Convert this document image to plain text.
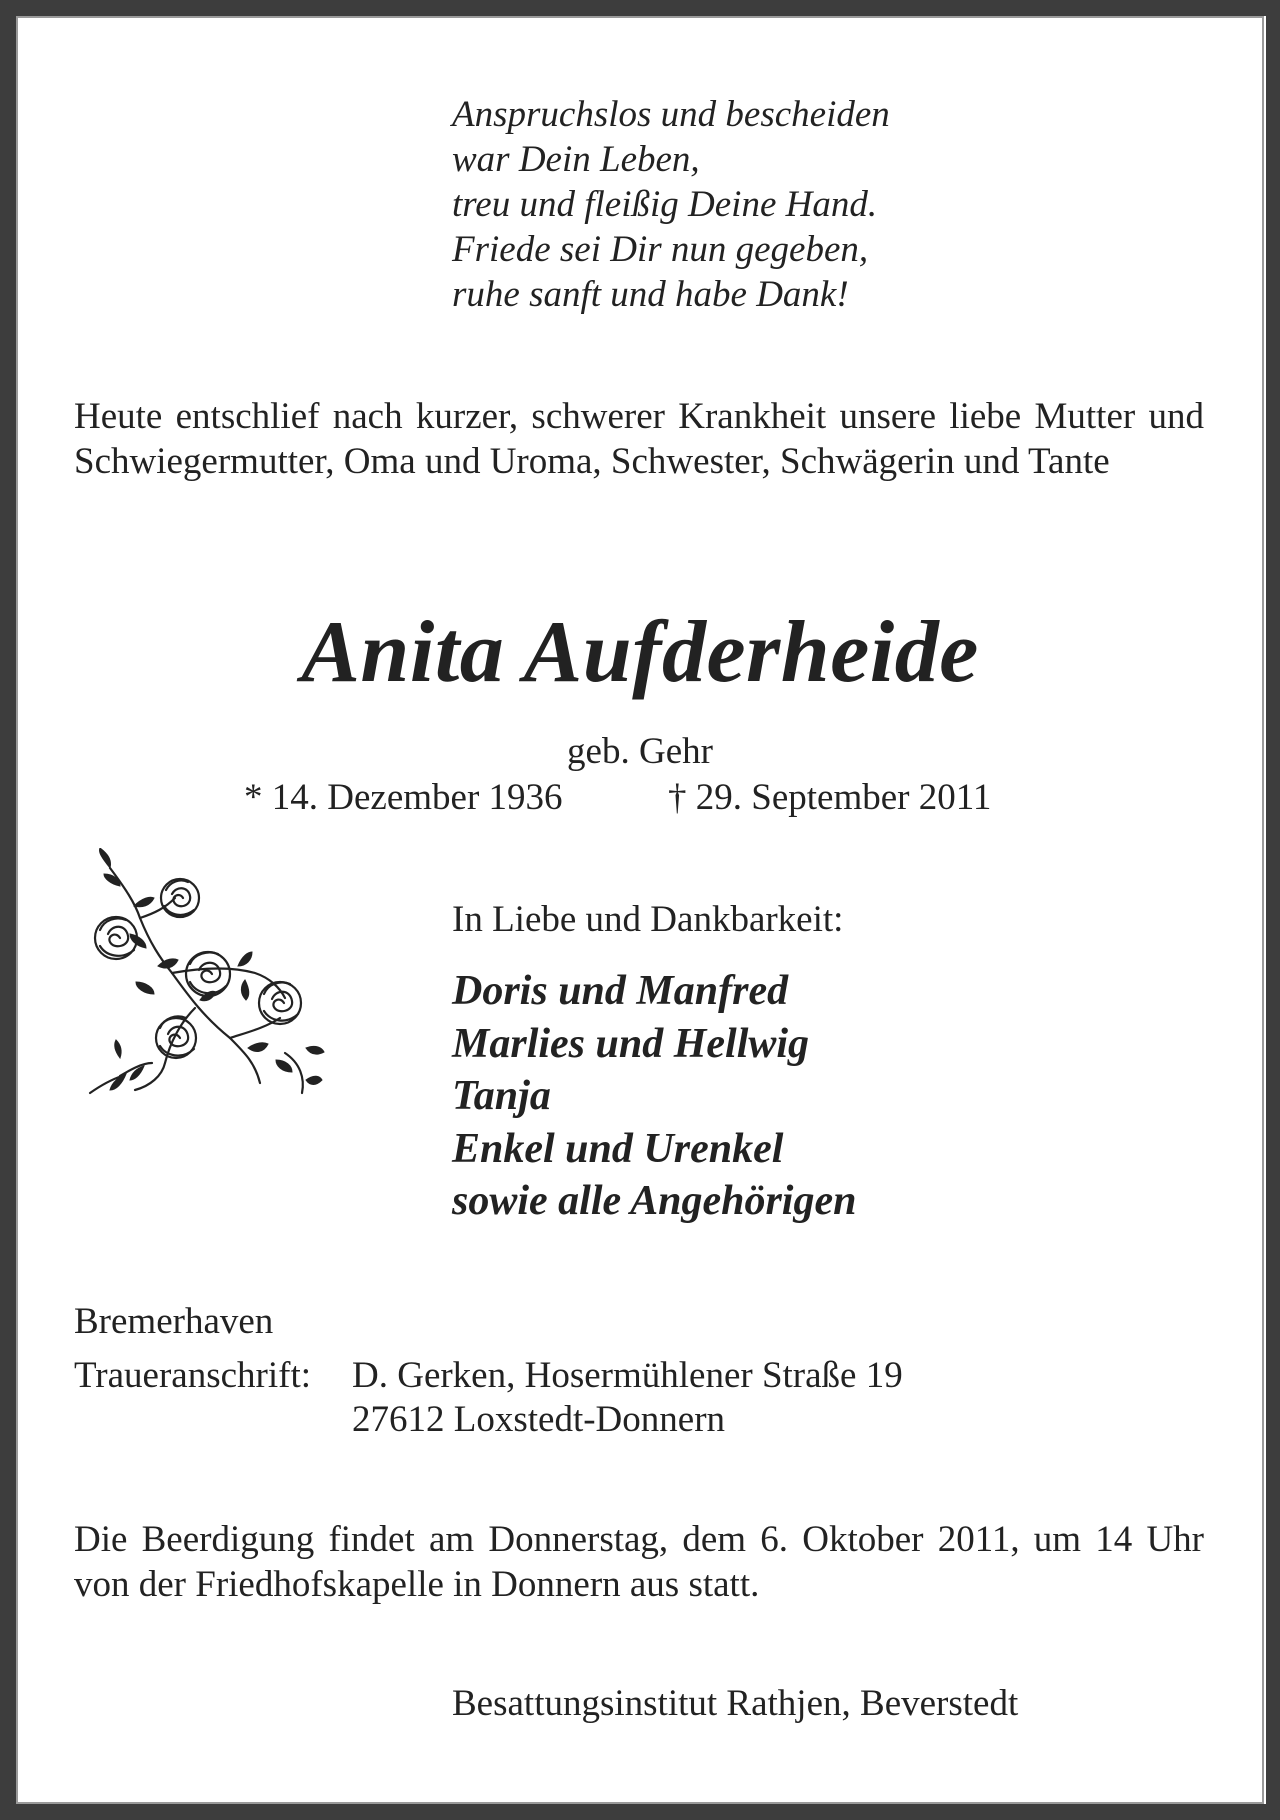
Anspruchslos und bescheiden
war Dein Leben,
treu und fleißig Deine Hand.
Friede sei Dir nun gegeben,
ruhe sanft und habe Dank!
Heute entschlief nach kurzer, schwerer Krankheit unsere liebe Mutter und Schwiegermutter, Oma und Uroma, Schwester, Schwägerin und Tante
Anita Aufderheide
geb. Gehr
* 14. Dezember 1936	† 29. September 2011
In Liebe und Dankbarkeit:
Doris und Manfred
Marlies und Hellwig
Tanja
Enkel und Urenkel
sowie alle Angehörigen
Bremerhaven
Traueranschrift: D. Gerken, Hosermühlener Straße 19
27612 Loxstedt-Donnern
Die Beerdigung findet am Donnerstag, dem 6. Oktober 2011, um 14 Uhr von der Friedhofskapelle in Donnern aus statt.
Besattungsinstitut Rathjen, Beverstedt
